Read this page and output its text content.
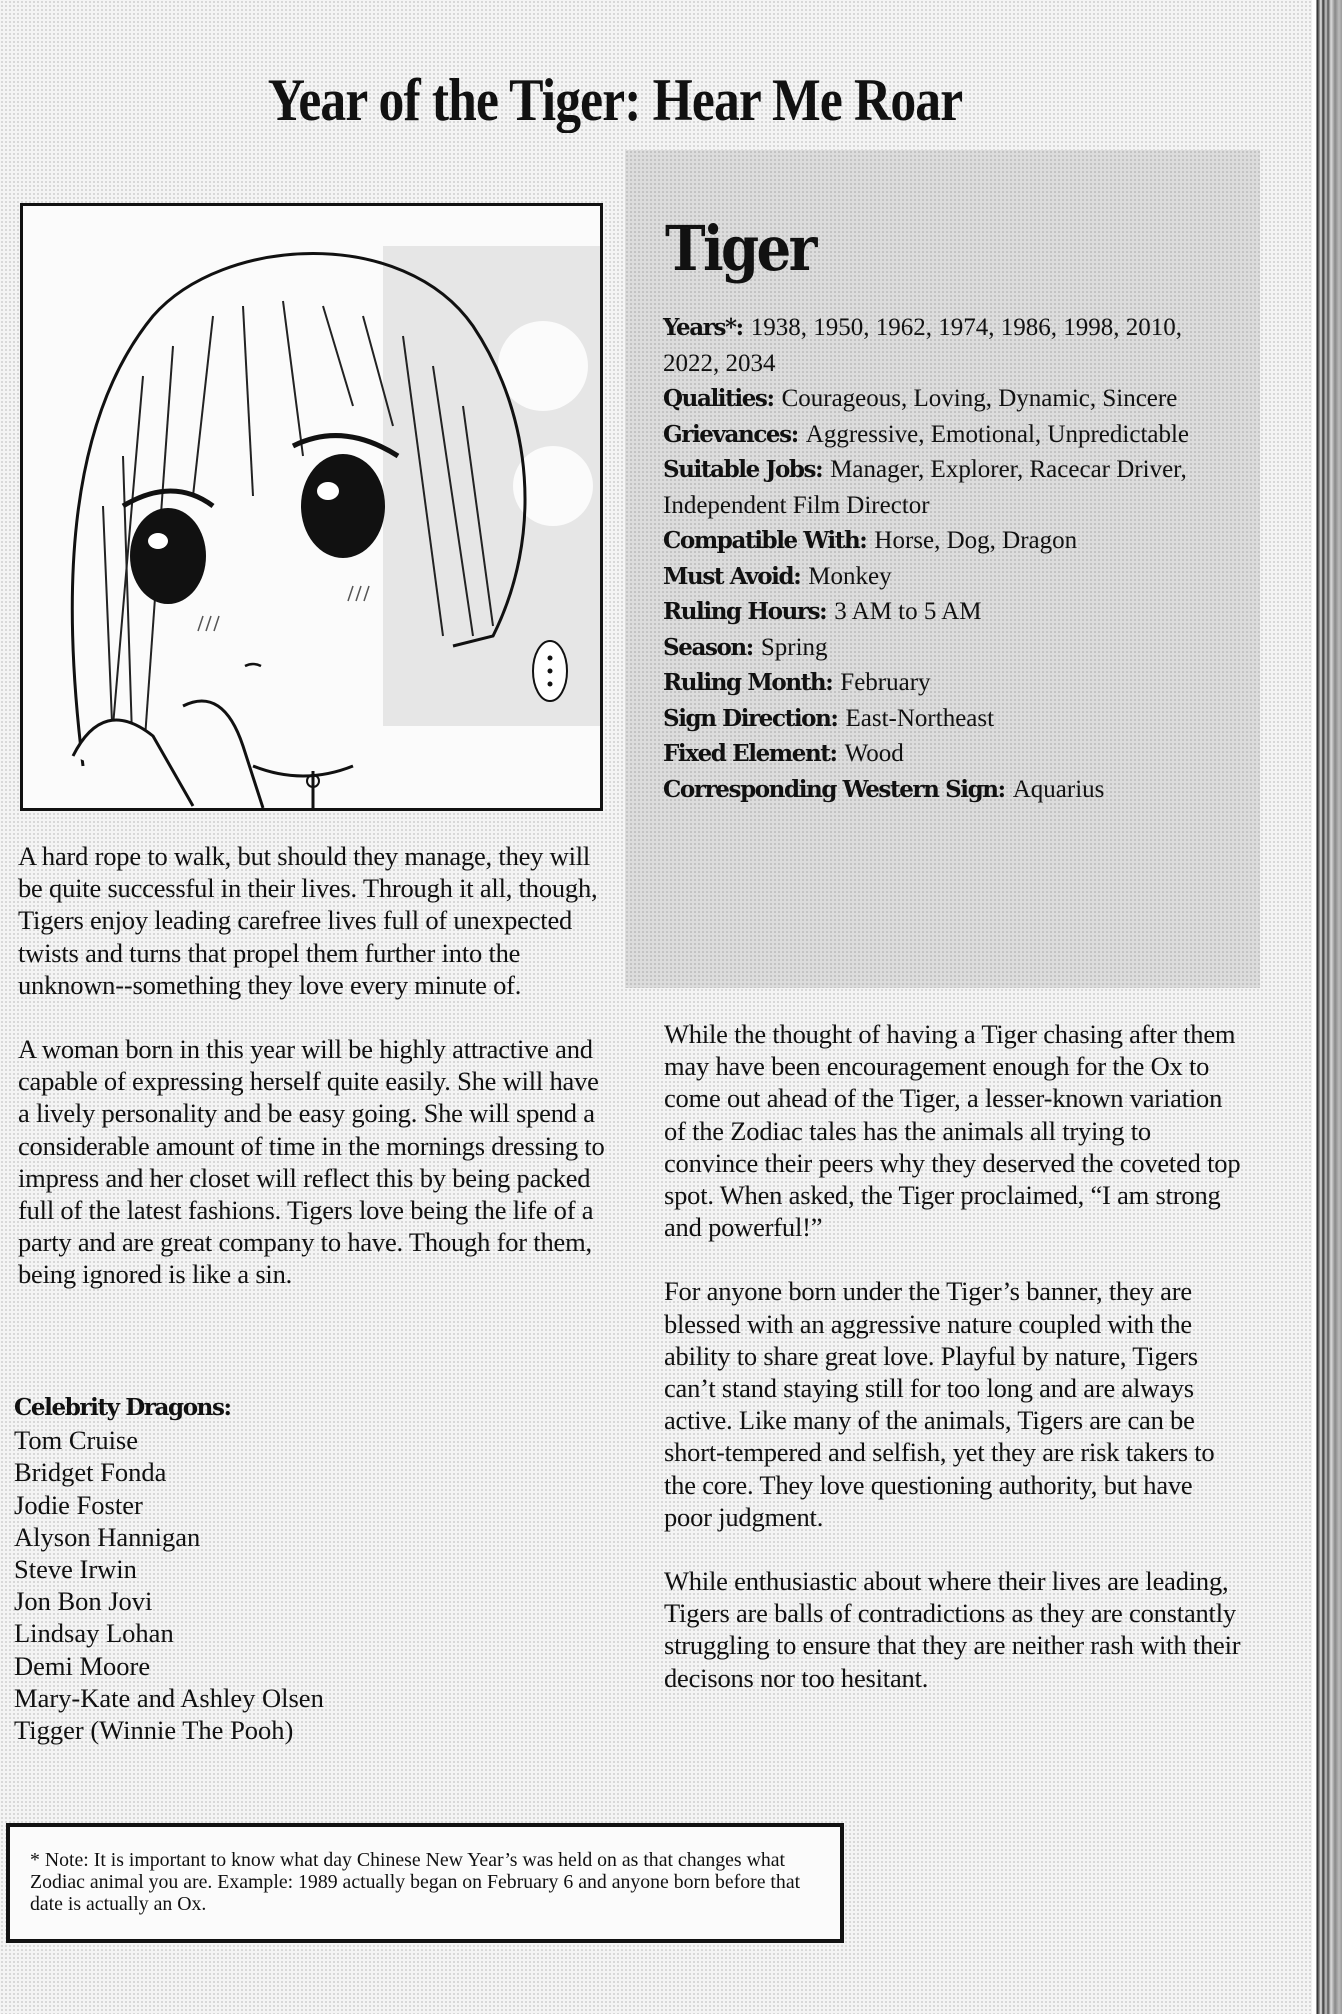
Year of the Tiger: Hear Me Roar
Tiger
Years*: 1938, 1950, 1962, 1974, 1986, 1998, 2010, 2022, 2034
Qualities: Courageous, Loving, Dynamic, Sincere
Grievances: Aggressive, Emotional, Unpredictable
Suitable Jobs: Manager, Explorer, Racecar Driver, Independent Film Director
Compatible With: Horse, Dog, Dragon
Must Avoid: Monkey
Ruling Hours: 3 AM to 5 AM
Season: Spring
Ruling Month: February
Sign Direction: East-Northeast
Fixed Element: Wood
Corresponding Western Sign: Aquarius

A hard rope to walk, but should they manage, they will be quite successful in their lives. Through it all, though, Tigers enjoy leading carefree lives full of unexpected twists and turns that propel them further into the unknown--something they love every minute of.

A woman born in this year will be highly attractive and capable of expressing herself quite easily. She will have a lively personality and be easy going. She will spend a considerable amount of time in the mornings dressing to impress and her closet will reflect this by being packed full of the latest fashions. Tigers love being the life of a party and are great company to have. Though for them, being ignored is like a sin.

Celebrity Dragons:
Tom Cruise
Bridget Fonda
Jodie Foster
Alyson Hannigan
Steve Irwin
Jon Bon Jovi
Lindsay Lohan
Demi Moore
Mary-Kate and Ashley Olsen
Tigger (Winnie The Pooh)

While the thought of having a Tiger chasing after them may have been encouragement enough for the Ox to come out ahead of the Tiger, a lesser-known variation of the Zodiac tales has the animals all trying to convince their peers why they deserved the coveted top spot. When asked, the Tiger proclaimed, “I am strong and powerful!”

For anyone born under the Tiger’s banner, they are blessed with an aggressive nature coupled with the ability to share great love. Playful by nature, Tigers can’t stand staying still for too long and are always active. Like many of the animals, Tigers are can be short-tempered and selfish, yet they are risk takers to the core. They love questioning authority, but have poor judgment.

While enthusiastic about where their lives are leading, Tigers are balls of contradictions as they are constantly struggling to ensure that they are neither rash with their decisons nor too hesitant.

* Note: It is important to know what day Chinese New Year’s was held on as that changes what Zodiac animal you are. Example: 1989 actually began on February 6 and anyone born before that date is actually an Ox.
